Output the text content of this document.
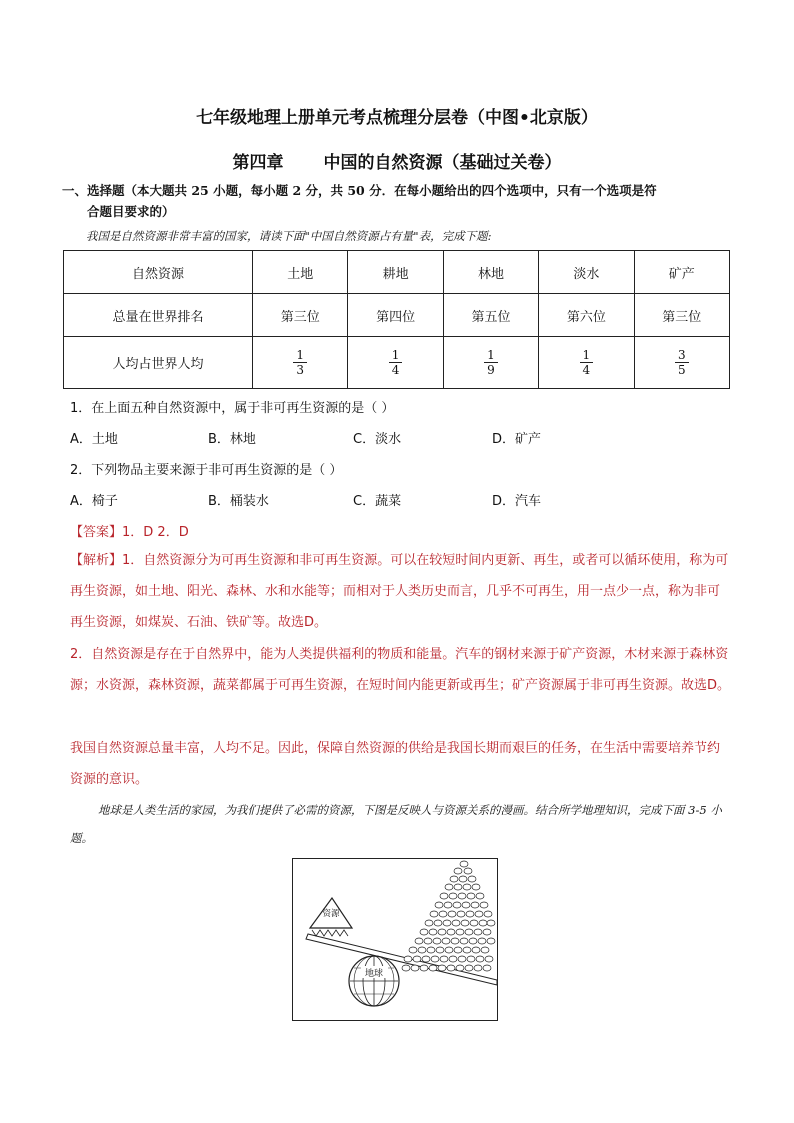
七年级地理上册单元考点梳理分层卷（中图•北京版）
第四章 中国的自然资源（基础过关卷）
一、选择题（本大题共 25 小题，每小题 2 分，共 50 分．在每小题给出的四个选项中，只有一个选项是符
合题目要求的）
我国是自然资源非常丰富的国家，请读下面"中国自然资源占有量"表，完成下题:
自然资源	土地	耕地	林地	淡水	矿产
总量在世界排名	第三位	第四位	第五位	第六位	第三位
人均占世界人均	$\frac{1}{3}$	$\frac{1}{4}$	$\frac{1}{9}$	$\frac{1}{4}$	$\frac{3}{5}$
1．在上面五种自然资源中，属于非可再生资源的是（ ）
A．土地	B．林地	C．淡水	D．矿产
2．下列物品主要来源于非可再生资源的是（ ）
A．椅子	B．桶装水	C．蔬菜	D．汽车
【答案】1．D 2．D
【解析】1．自然资源分为可再生资源和非可再生资源。可以在较短时间内更新、再生，或者可以循环使用，称为可再生资源，如土地、阳光、森林、水和水能等；而相对于人类历史而言，几乎不可再生，用一点少一点，称为非可再生资源，如煤炭、石油、铁矿等。故选D。
2．自然资源是存在于自然界中，能为人类提供福利的物质和能量。汽车的钢材来源于矿产资源，木材来源于森林资源；水资源，森林资源，蔬菜都属于可再生资源，在短时间内能更新或再生；矿产资源属于非可再生资源。故选D。
我国自然资源总量丰富，人均不足。因此，保障自然资源的供给是我国长期而艰巨的任务，在生活中需要培养节约资源的意识。
地球是人类生活的家园，为我们提供了必需的资源，下图是反映人与资源关系的漫画。结合所学地理知识，完成下面 3-5 小题。
资源
地球
